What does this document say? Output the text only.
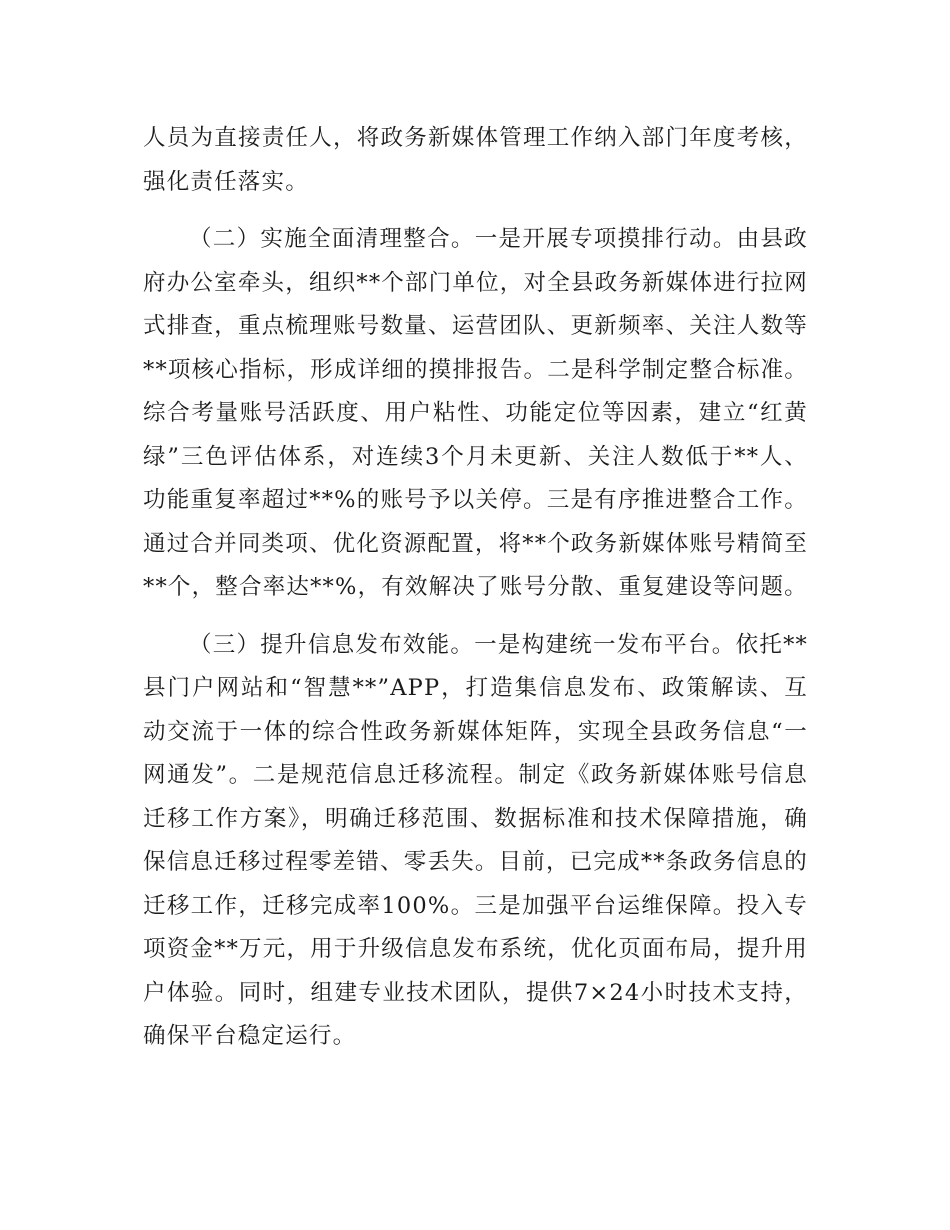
人员为直接责任人，将政务新媒体管理工作纳入部门年度考核，强化责任落实。

（二）实施全面清理整合。一是开展专项摸排行动。由县政府办公室牵头，组织**个部门单位，对全县政务新媒体进行拉网式排查，重点梳理账号数量、运营团队、更新频率、关注人数等**项核心指标，形成详细的摸排报告。二是科学制定整合标准。综合考量账号活跃度、用户粘性、功能定位等因素，建立“红黄绿”三色评估体系，对连续3个月未更新、关注人数低于**人、功能重复率超过**%的账号予以关停。三是有序推进整合工作。通过合并同类项、优化资源配置，将**个政务新媒体账号精简至**个，整合率达**%，有效解决了账号分散、重复建设等问题。

（三）提升信息发布效能。一是构建统一发布平台。依托**县门户网站和“智慧**”APP，打造集信息发布、政策解读、互动交流于一体的综合性政务新媒体矩阵，实现全县政务信息“一网通发”。二是规范信息迁移流程。制定《政务新媒体账号信息迁移工作方案》，明确迁移范围、数据标准和技术保障措施，确保信息迁移过程零差错、零丢失。目前，已完成**条政务信息的迁移工作，迁移完成率100%。三是加强平台运维保障。投入专项资金**万元，用于升级信息发布系统，优化页面布局，提升用户体验。同时，组建专业技术团队，提供7×24小时技术支持，确保平台稳定运行。
